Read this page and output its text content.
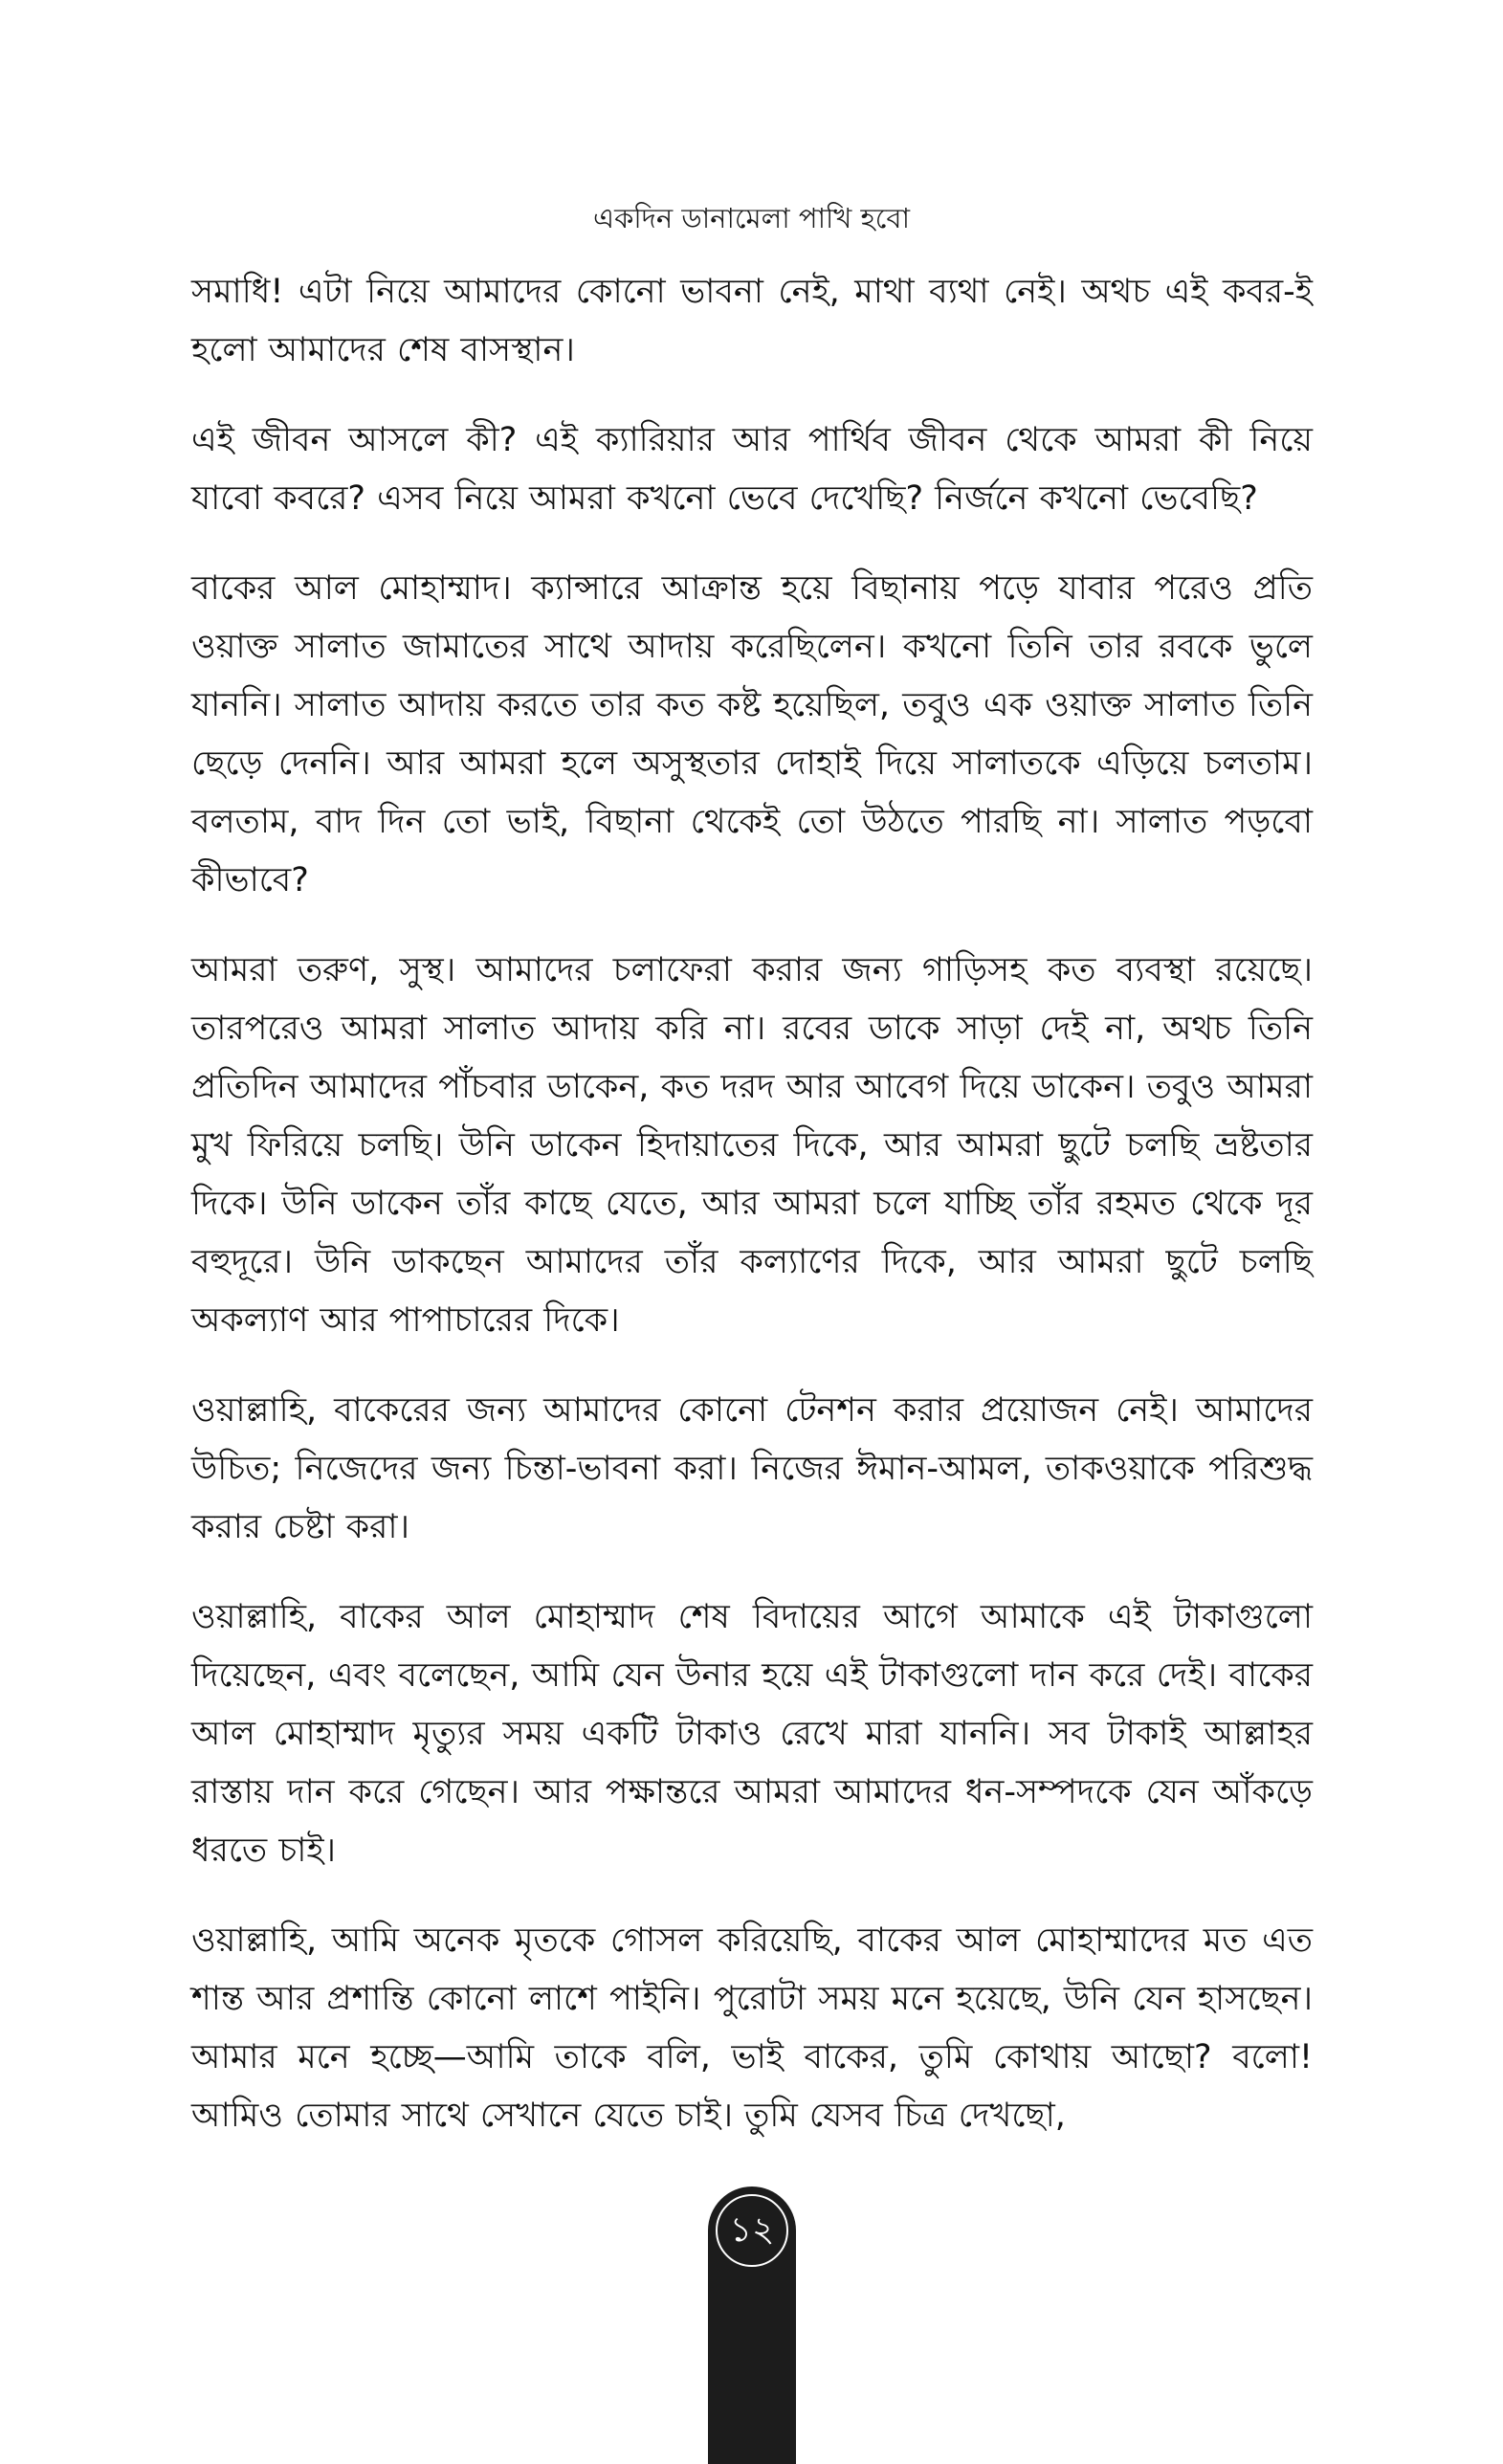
একদিন ডানামেলা পাখি হবো

সমাধি! এটা নিয়ে আমাদের কোনো ভাবনা নেই, মাথা ব্যথা নেই। অথচ এই কবর-ই হলো আমাদের শেষ বাসস্থান।

এই জীবন আসলে কী? এই ক্যারিয়ার আর পার্থিব জীবন থেকে আমরা কী নিয়ে যাবো কবরে? এসব নিয়ে আমরা কখনো ভেবে দেখেছি? নির্জনে কখনো ভেবেছি?

বাকের আল মোহাম্মাদ। ক্যান্সারে আক্রান্ত হয়ে বিছানায় পড়ে যাবার পরেও প্রতি ওয়াক্ত সালাত জামাতের সাথে আদায় করেছিলেন। কখনো তিনি তার রবকে ভুলে যাননি। সালাত আদায় করতে তার কত কষ্ট হয়েছিল, তবুও এক ওয়াক্ত সালাত তিনি ছেড়ে দেননি। আর আমরা হলে অসুস্থতার দোহাই দিয়ে সালাতকে এড়িয়ে চলতাম। বলতাম, বাদ দিন তো ভাই, বিছানা থেকেই তো উঠতে পারছি না। সালাত পড়বো কীভাবে?

আমরা তরুণ, সুস্থ। আমাদের চলাফেরা করার জন্য গাড়িসহ কত ব্যবস্থা রয়েছে। তারপরেও আমরা সালাত আদায় করি না। রবের ডাকে সাড়া দেই না, অথচ তিনি প্রতিদিন আমাদের পাঁচবার ডাকেন, কত দরদ আর আবেগ দিয়ে ডাকেন। তবুও আমরা মুখ ফিরিয়ে চলছি। উনি ডাকেন হিদায়াতের দিকে, আর আমরা ছুটে চলছি ভ্রষ্টতার দিকে। উনি ডাকেন তাঁর কাছে যেতে, আর আমরা চলে যাচ্ছি তাঁর রহমত থেকে দূর বহুদূরে। উনি ডাকছেন আমাদের তাঁর কল্যাণের দিকে, আর আমরা ছুটে চলছি অকল্যাণ আর পাপাচারের দিকে।

ওয়াল্লাহি, বাকেরের জন্য আমাদের কোনো টেনশন করার প্রয়োজন নেই। আমাদের উচিত; নিজেদের জন্য চিন্তা-ভাবনা করা। নিজের ঈমান-আমল, তাকওয়াকে পরিশুদ্ধ করার চেষ্টা করা।

ওয়াল্লাহি, বাকের আল মোহাম্মাদ শেষ বিদায়ের আগে আমাকে এই টাকাগুলো দিয়েছেন, এবং বলেছেন, আমি যেন উনার হয়ে এই টাকাগুলো দান করে দেই। বাকের আল মোহাম্মাদ মৃত্যুর সময় একটি টাকাও রেখে মারা যাননি। সব টাকাই আল্লাহর রাস্তায় দান করে গেছেন। আর পক্ষান্তরে আমরা আমাদের ধন-সম্পদকে যেন আঁকড়ে ধরতে চাই।

ওয়াল্লাহি, আমি অনেক মৃতকে গোসল করিয়েছি, বাকের আল মোহাম্মাদের মত এত শান্ত আর প্রশান্তি কোনো লাশে পাইনি। পুরোটা সময় মনে হয়েছে, উনি যেন হাসছেন। আমার মনে হচ্ছে—আমি তাকে বলি, ভাই বাকের, তুমি কোথায় আছো? বলো! আমিও তোমার সাথে সেখানে যেতে চাই। তুমি যেসব চিত্র দেখছো,

১২
